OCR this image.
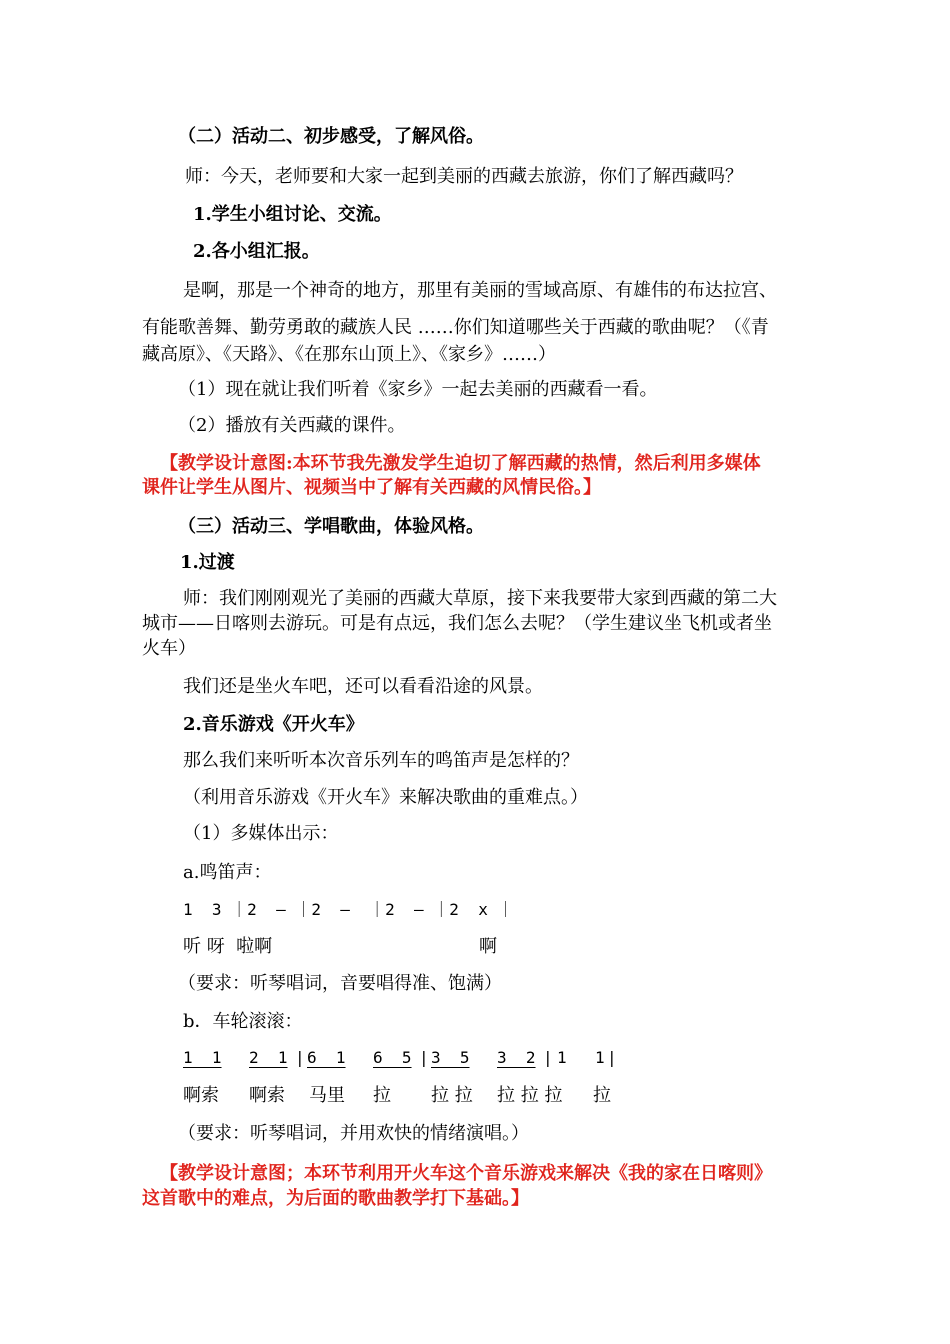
（二）活动二、初步感受，了解风俗。
师：今天，老师要和大家一起到美丽的西藏去旅游，你们了解西藏吗？
1.学生小组讨论、交流。
2.各小组汇报。
是啊，那是一个神奇的地方，那里有美丽的雪域高原、有雄伟的布达拉宫、
有能歌善舞、勤劳勇敢的藏族人民 ……你们知道哪些关于西藏的歌曲呢？（《青
藏高原》、《天路》、《在那东山顶上》、《家乡》……）
（1）现在就让我们听着《家乡》一起去美丽的西藏看一看。
（2）播放有关西藏的课件。
【教学设计意图:本环节我先激发学生迫切了解西藏的热情，然后利用多媒体
课件让学生从图片、视频当中了解有关西藏的风情民俗。】
（三）活动三、学唱歌曲，体验风格。
1.过渡
师：我们刚刚观光了美丽的西藏大草原，接下来我要带大家到西藏的第二大
城市——日喀则去游玩。可是有点远，我们怎么去呢？（学生建议坐飞机或者坐
火车）
我们还是坐火车吧，还可以看看沿途的风景。
2.音乐游戏《开火车》
那么我们来听听本次音乐列车的鸣笛声是怎样的？
（利用音乐游戏《开火车》来解决歌曲的重难点。）
（1）多媒体出示：
a.鸣笛声：
1  3 ｜2  – ｜2  –  ｜2  – ｜2  x ｜
听 呀  啦啊	啊
（要求：听琴唱词，音要唱得准、饱满）
b．车轮滚滚：
1  1 2  1 | 6  1 6  5 | 3  5 3  2 | 1 1 |
啊索 啊索 马里 拉 拉 拉 拉 拉 拉 拉
（要求：听琴唱词，并用欢快的情绪演唱。）
【教学设计意图；本环节利用开火车这个音乐游戏来解决《我的家在日喀则》
这首歌中的难点，为后面的歌曲教学打下基础。】
